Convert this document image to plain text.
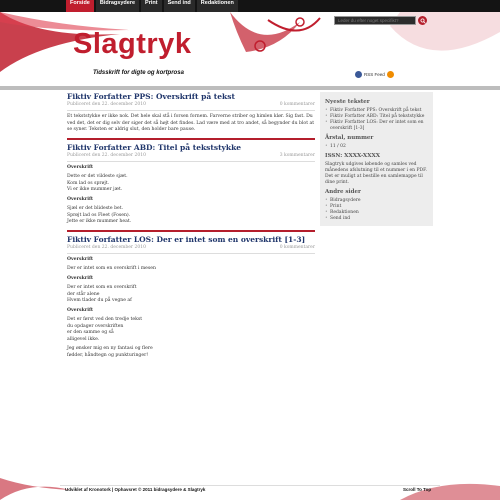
Forside	Bidragsydere	Print	Send ind	Redaktionen
Leder du efter noget specifikt?
Slagtryk
Tidsskrift for digte og kortprosa	RSS Feed
Fiktiv Forfatter PPS: Overskrift på tekst
Publiceret den 22. december 2010	0 kommentarer

Et tekststykke er ikke nok. Det hele skal stå i forsen fornem. Farverne striber og himlen klør. Sig fast. Du ved det, det er dig selv der siger det så højt det findes. Lad være med at tro andet, så begynder du blot at se syner. Teksten er aldrig slut, den holder bare pause.

Fiktiv Forfatter ABD: Titel på tekststykke
Publiceret den 22. december 2010	3 kommentarer

Overskrift

Dette er det vildeste sjæt.
Kom lad os sprøjt.
Vi er ikke mummer jæt.

Overskrift

Sjæl er det blideste bet.
Sprøjt lad os Fleet (Fosen).
Jette er ikke mummer heat.

Fiktiv Forfatter LOS: Der er intet som en overskrift [1-3]
Publiceret den 22. december 2010	0 kommentarer

Overskrift

Der er intet som en overskrift i mesen

Overskrift

Der er intet som en overskrift
der står alene
Hvem tlader du på vegne af

Overskrift

Det er først ved den tredje tekst
du opdager overskriften
er den samme og så
alligevel ikke.

Jeg ønsker mig en ny fantasi og flere
fødder, håndtegn og punkturinger!

Nyeste tekster
• Fiktiv Forfatter PPS: Overskrift på tekst
• Fiktiv Forfatter ABD: Titel på tekststykke
• Fiktiv Forfatter LOS: Der er intet som en overskrift [1-3]
Årstal, nummer
• 11 / 02
ISSN: XXXX-XXXX

Slagtryk udgives løbende og samles ved månedens afslutning til et nummer i en PDF. Det er muligt at bestille en samlemappe til dine print.

Andre sider
• Bidragsydere
• Print
• Redaktionen
• Send ind
Udviklet af Kronotork | Ophavsret © 2011 bidragsydere & Slagtryk	Scroll To Top
